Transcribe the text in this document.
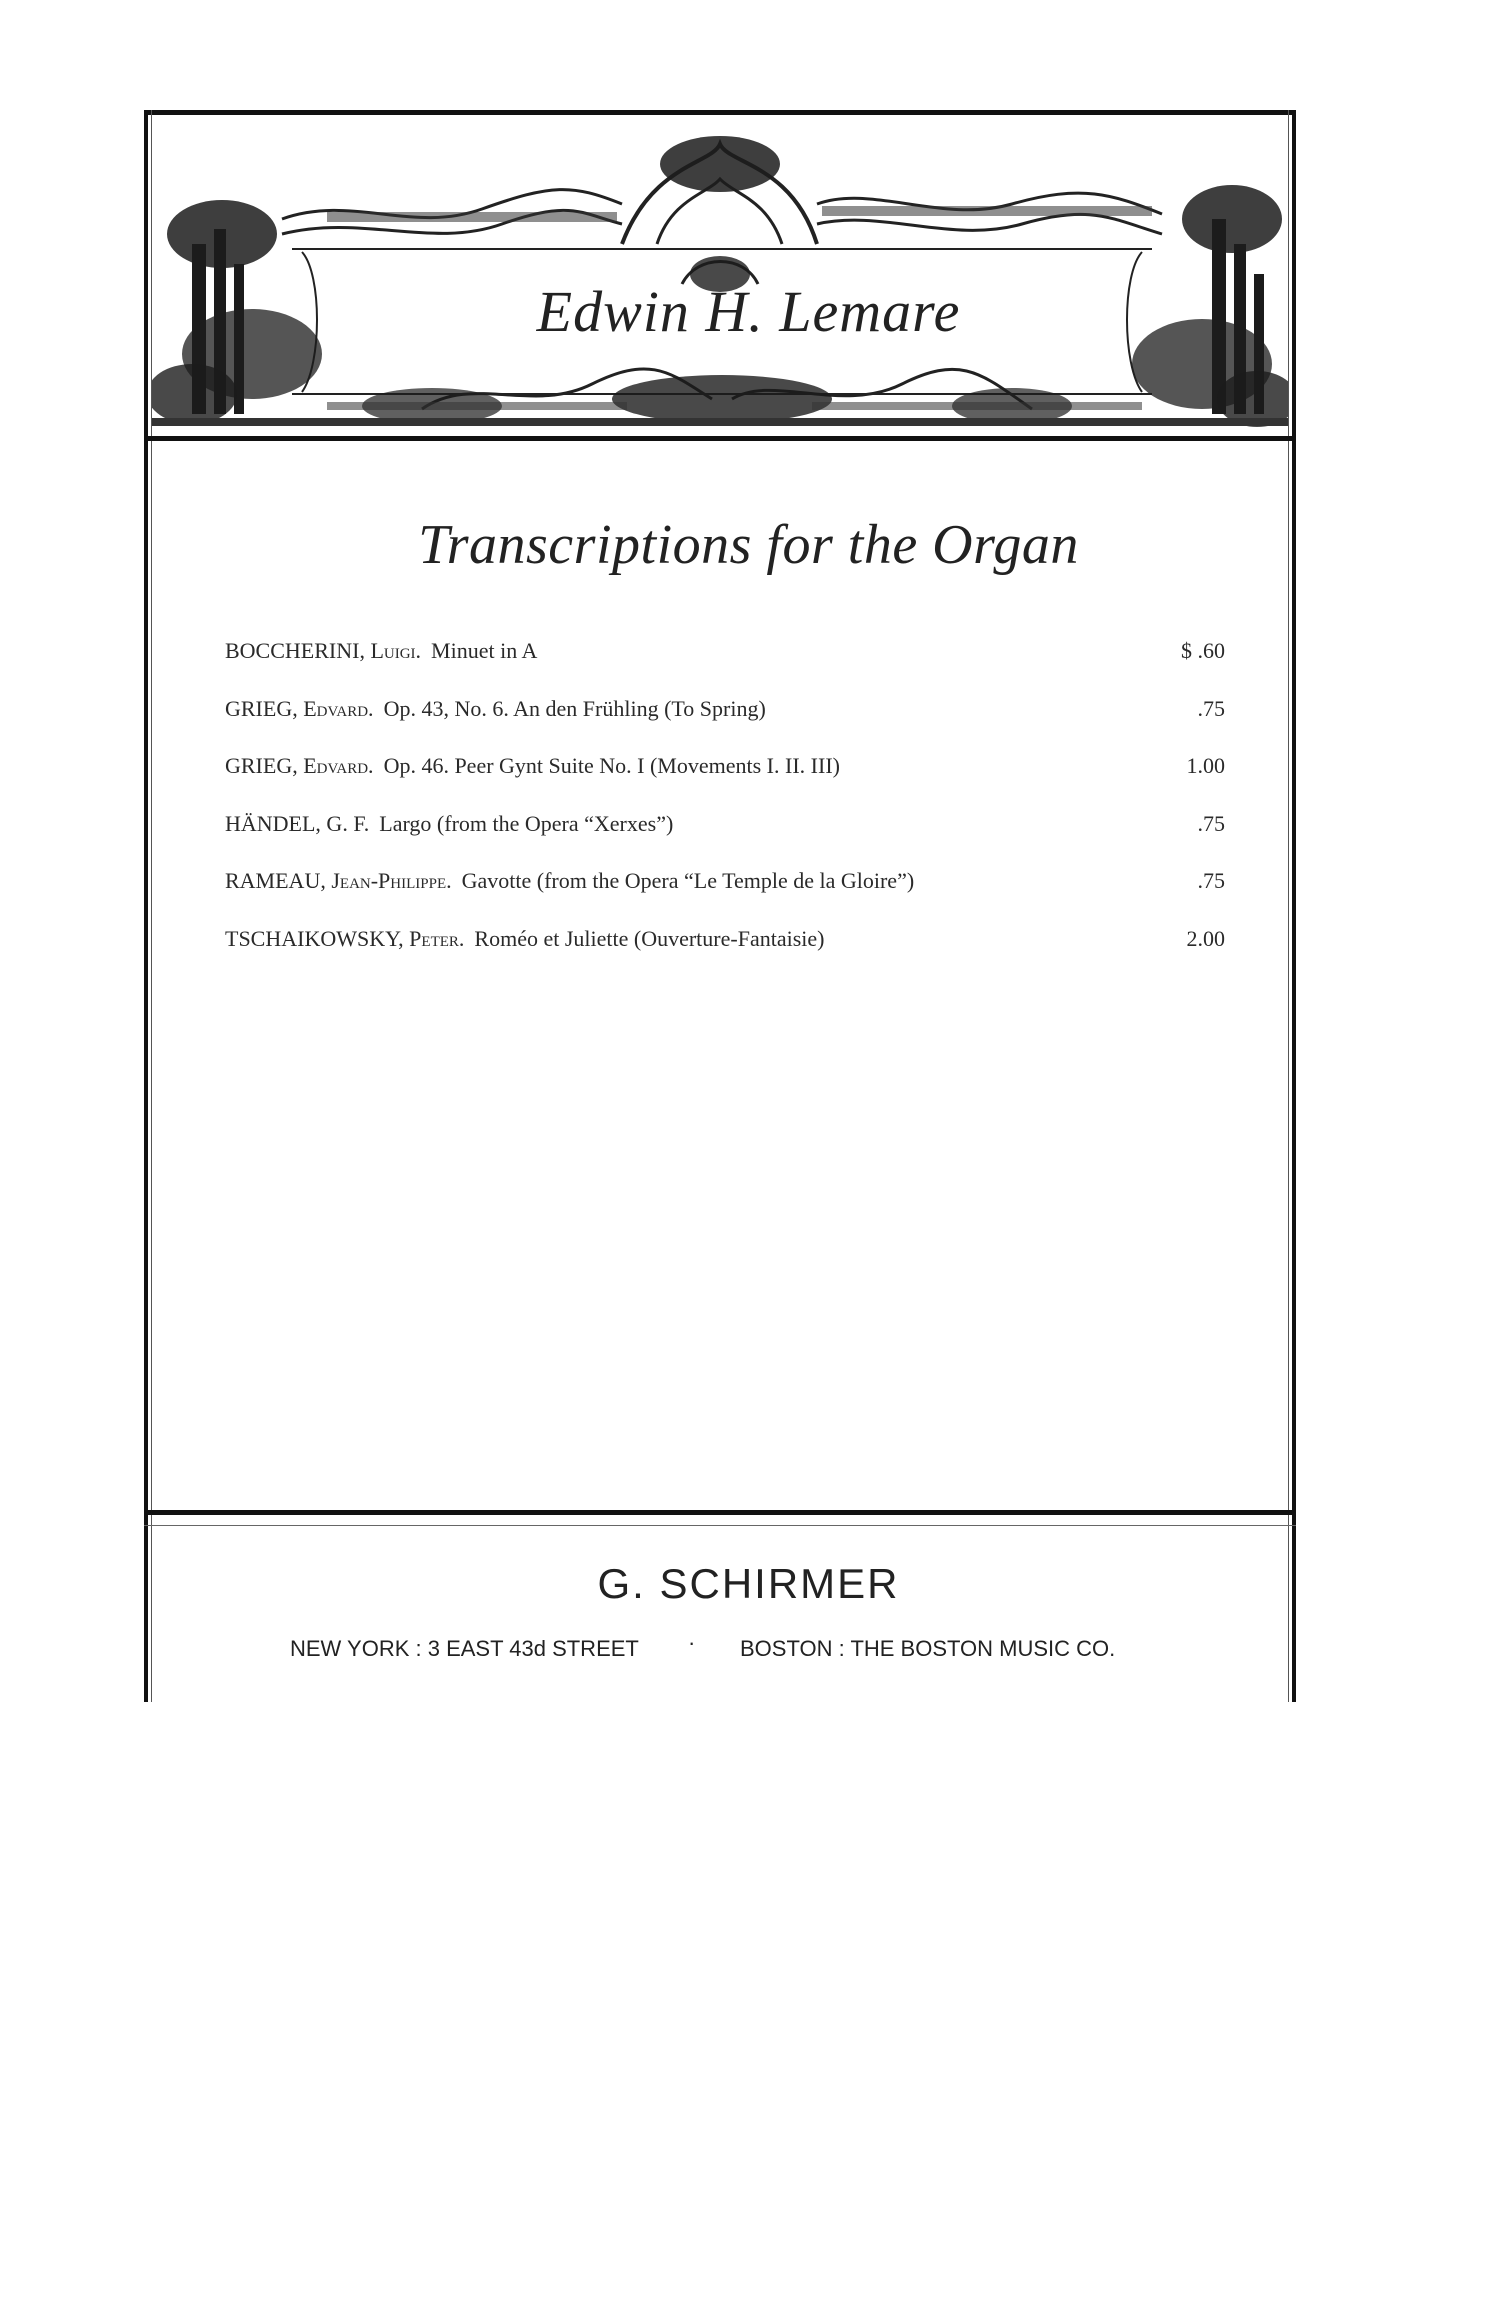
Edwin H. Lemare
Transcriptions for the Organ
BOCCHERINI, Luigi. Minuet in A	$ .60
GRIEG, Edvard. Op. 43, No. 6. An den Frühling (To Spring)	.75
GRIEG, Edvard. Op. 46. Peer Gynt Suite No. I (Movements I. II. III)	1.00
HÄNDEL, G. F. Largo (from the Opera “Xerxes”)	.75
RAMEAU, Jean-Philippe. Gavotte (from the Opera “Le Temple de la Gloire”)	.75
TSCHAIKOWSKY, Peter. Roméo et Juliette (Ouverture-Fantaisie)	2.00
G. SCHIRMER
NEW YORK : 3 EAST 43d STREET · BOSTON : THE BOSTON MUSIC CO.
